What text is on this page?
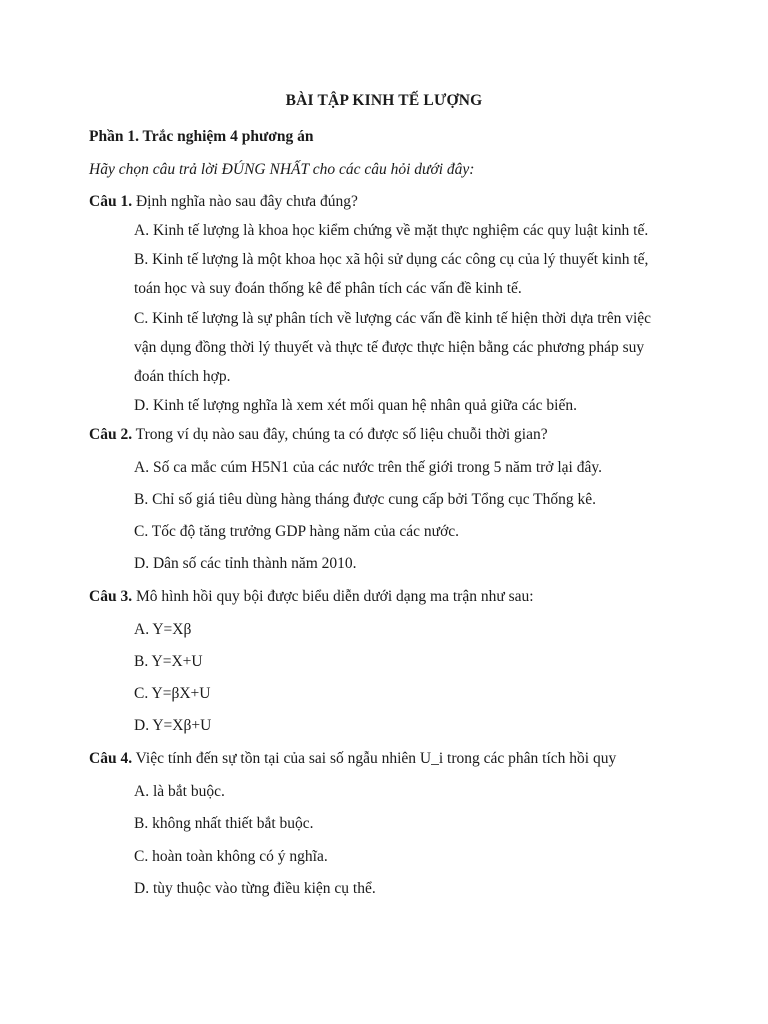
BÀI TẬP KINH TẾ LƯỢNG
Phần 1. Trắc nghiệm 4 phương án
Hãy chọn câu trả lời ĐÚNG NHẤT cho các câu hỏi dưới đây:
Câu 1. Định nghĩa nào sau đây chưa đúng?
A. Kinh tế lượng là khoa học kiểm chứng về mặt thực nghiệm các quy luật kinh tế.
B. Kinh tế lượng là một khoa học xã hội sử dụng các công cụ của lý thuyết kinh tế,
toán học và suy đoán thống kê để phân tích các vấn đề kinh tế.
C. Kinh tế lượng là sự phân tích về lượng các vấn đề kinh tế hiện thời dựa trên việc
vận dụng đồng thời lý thuyết và thực tế được thực hiện bằng các phương pháp suy
đoán thích hợp.
D. Kinh tế lượng nghĩa là xem xét mối quan hệ nhân quả giữa các biến.
Câu 2. Trong ví dụ nào sau đây, chúng ta có được số liệu chuỗi thời gian?
A. Số ca mắc cúm H5N1 của các nước trên thế giới trong 5 năm trở lại đây.
B. Chỉ số giá tiêu dùng hàng tháng được cung cấp bởi Tổng cục Thống kê.
C. Tốc độ tăng trưởng GDP hàng năm của các nước.
D. Dân số các tỉnh thành năm 2010.
Câu 3. Mô hình hồi quy bội được biểu diễn dưới dạng ma trận như sau:
A. Y=Xβ
B. Y=X+U
C. Y=βX+U
D. Y=Xβ+U
Câu 4. Việc tính đến sự tồn tại của sai số ngẫu nhiên U_i trong các phân tích hồi quy
A. là bắt buộc.
B. không nhất thiết bắt buộc.
C. hoàn toàn không có ý nghĩa.
D. tùy thuộc vào từng điều kiện cụ thể.
